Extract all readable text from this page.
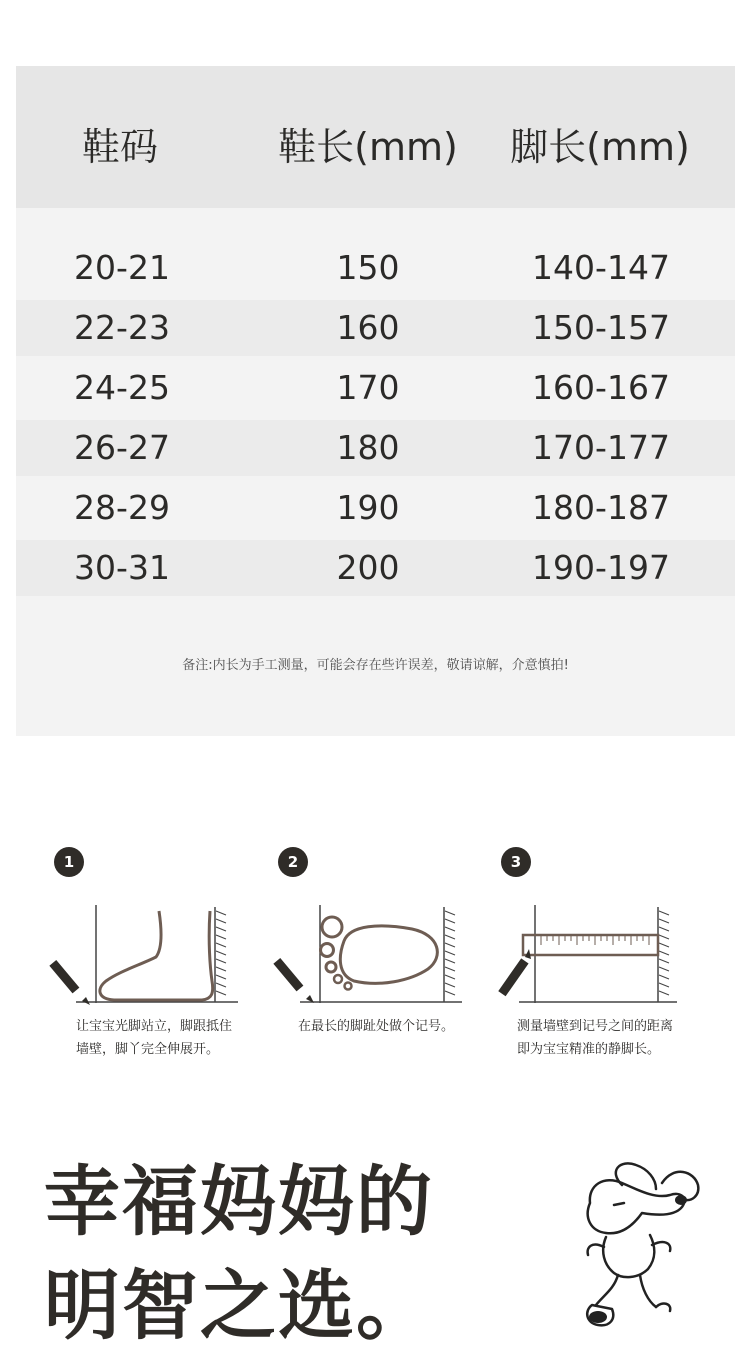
鞋码	鞋长(mm) 脚长(mm)
20-21	150	140-147
22-23	160	150-157
24-25	170	160-167
26-27	180	170-177
28-29	190	180-187
30-31	200	190-197
备注:内长为手工测量，可能会存在些许误差，敬请谅解，介意慎拍!
1
让宝宝光脚站立，脚跟抵住
墙壁，脚丫完全伸展开。
2
在最长的脚趾处做个记号。
3
测量墙壁到记号之间的距离
即为宝宝精准的静脚长。
幸福妈妈的
明智之选。
